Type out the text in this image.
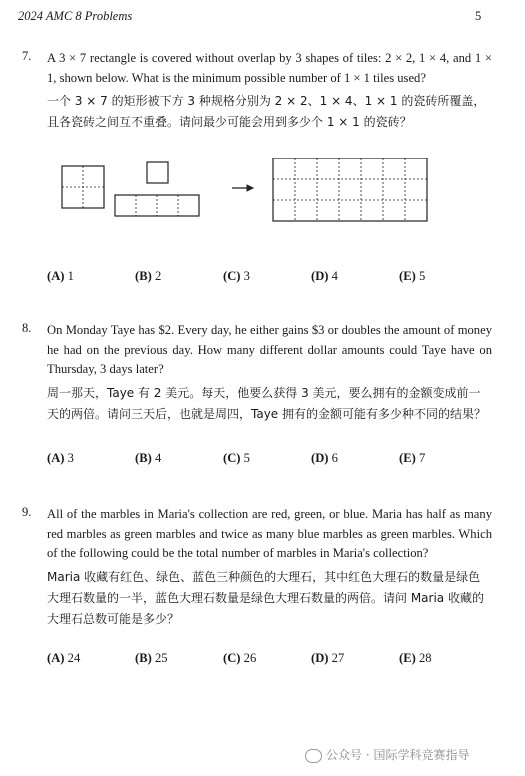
2024 AMC 8 Problems	5
7. A 3 × 7 rectangle is covered without overlap by 3 shapes of tiles: 2 × 2, 1 × 4, and 1 × 1, shown below. What is the minimum possible number of 1 × 1 tiles used?
一个 3 × 7 的矩形被下方 3 种规格分别为 2 × 2、1 × 4、1 × 1 的瓷砖所覆盖，且各瓷砖之间互不重叠。请问最少可能会用到多少个 1 × 1 的瓷砖？
(A) 1	(B) 2	(C) 3	(D) 4	(E) 5
8. On Monday Taye has $2. Every day, he either gains $3 or doubles the amount of money he had on the previous day. How many different dollar amounts could Taye have on Thursday, 3 days later?
周一那天，Taye 有 2 美元。每天，他要么获得 3 美元，要么拥有的金额变成前一天的两倍。请问三天后，也就是周四，Taye 拥有的金额可能有多少种不同的结果？
(A) 3	(B) 4	(C) 5	(D) 6	(E) 7
9. All of the marbles in Maria's collection are red, green, or blue. Maria has half as many red marbles as green marbles and twice as many blue marbles as green marbles. Which of the following could be the total number of marbles in Maria's collection?
Maria 收藏有红色、绿色、蓝色三种颜色的大理石，其中红色大理石的数量是绿色大理石数量的一半，蓝色大理石数量是绿色大理石数量的两倍。请问 Maria 收藏的大理石总数可能是多少？
(A) 24	(B) 25	(C) 26	(D) 27	(E) 28
公众号 · 国际学科竞赛指导
